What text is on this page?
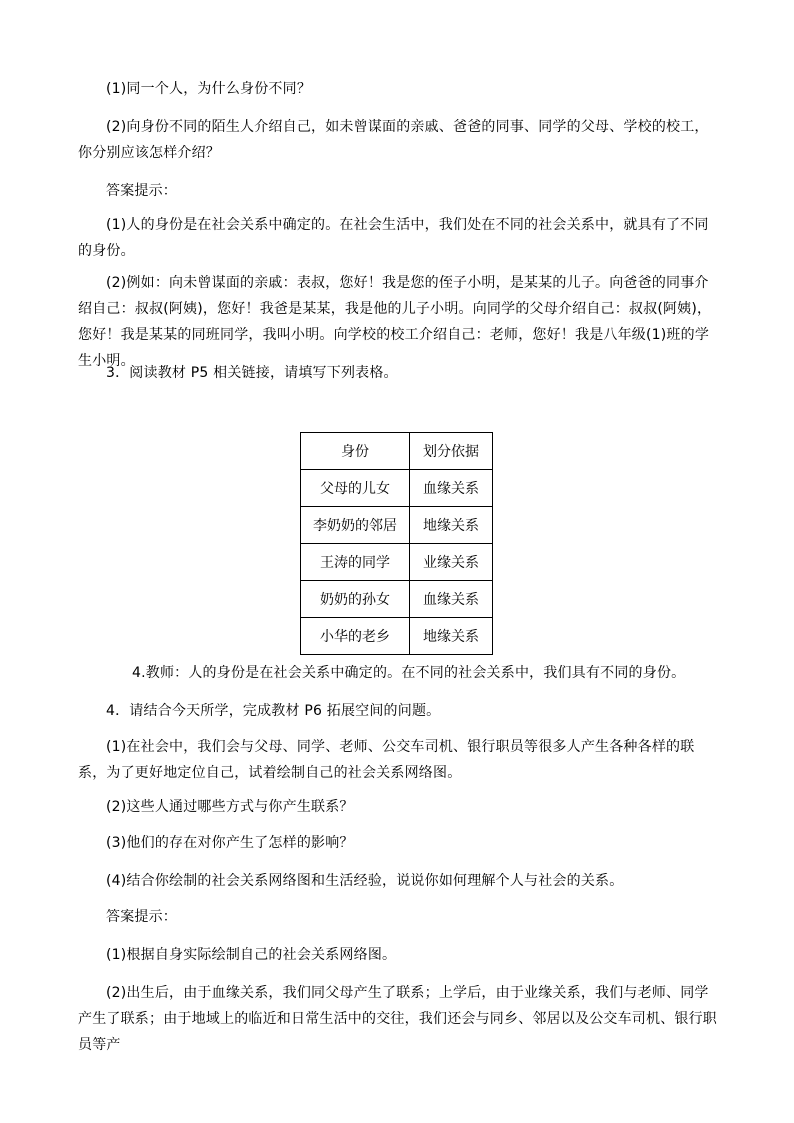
(1)同一个人，为什么身份不同？

(2)向身份不同的陌生人介绍自己，如未曾谋面的亲戚、爸爸的同事、同学的父母、学校的校工，你分别应该怎样介绍？

答案提示：

(1)人的身份是在社会关系中确定的。在社会生活中，我们处在不同的社会关系中，就具有了不同的身份。

(2)例如：向未曾谋面的亲戚：表叔，您好！我是您的侄子小明，是某某的儿子。向爸爸的同事介绍自己：叔叔(阿姨)，您好！我爸是某某，我是他的儿子小明。向同学的父母介绍自己：叔叔(阿姨)，您好！我是某某的同班同学，我叫小明。向学校的校工介绍自己：老师，您好！我是八年级(1)班的学生小明。

3．阅读教材 P5 相关链接，请填写下列表格。

身份	划分依据
父母的儿女	血缘关系
李奶奶的邻居	地缘关系
王涛的同学	业缘关系
奶奶的孙女	血缘关系
小华的老乡	地缘关系

4.教师：人的身份是在社会关系中确定的。在不同的社会关系中，我们具有不同的身份。

4．请结合今天所学，完成教材 P6 拓展空间的问题。

(1)在社会中，我们会与父母、同学、老师、公交车司机、银行职员等很多人产生各种各样的联系，为了更好地定位自己，试着绘制自己的社会关系网络图。

(2)这些人通过哪些方式与你产生联系？

(3)他们的存在对你产生了怎样的影响？

(4)结合你绘制的社会关系网络图和生活经验，说说你如何理解个人与社会的关系。

答案提示：

(1)根据自身实际绘制自己的社会关系网络图。

(2)出生后，由于血缘关系，我们同父母产生了联系；上学后，由于业缘关系，我们与老师、同学产生了联系；由于地域上的临近和日常生活中的交往，我们还会与同乡、邻居以及公交车司机、银行职员等产
